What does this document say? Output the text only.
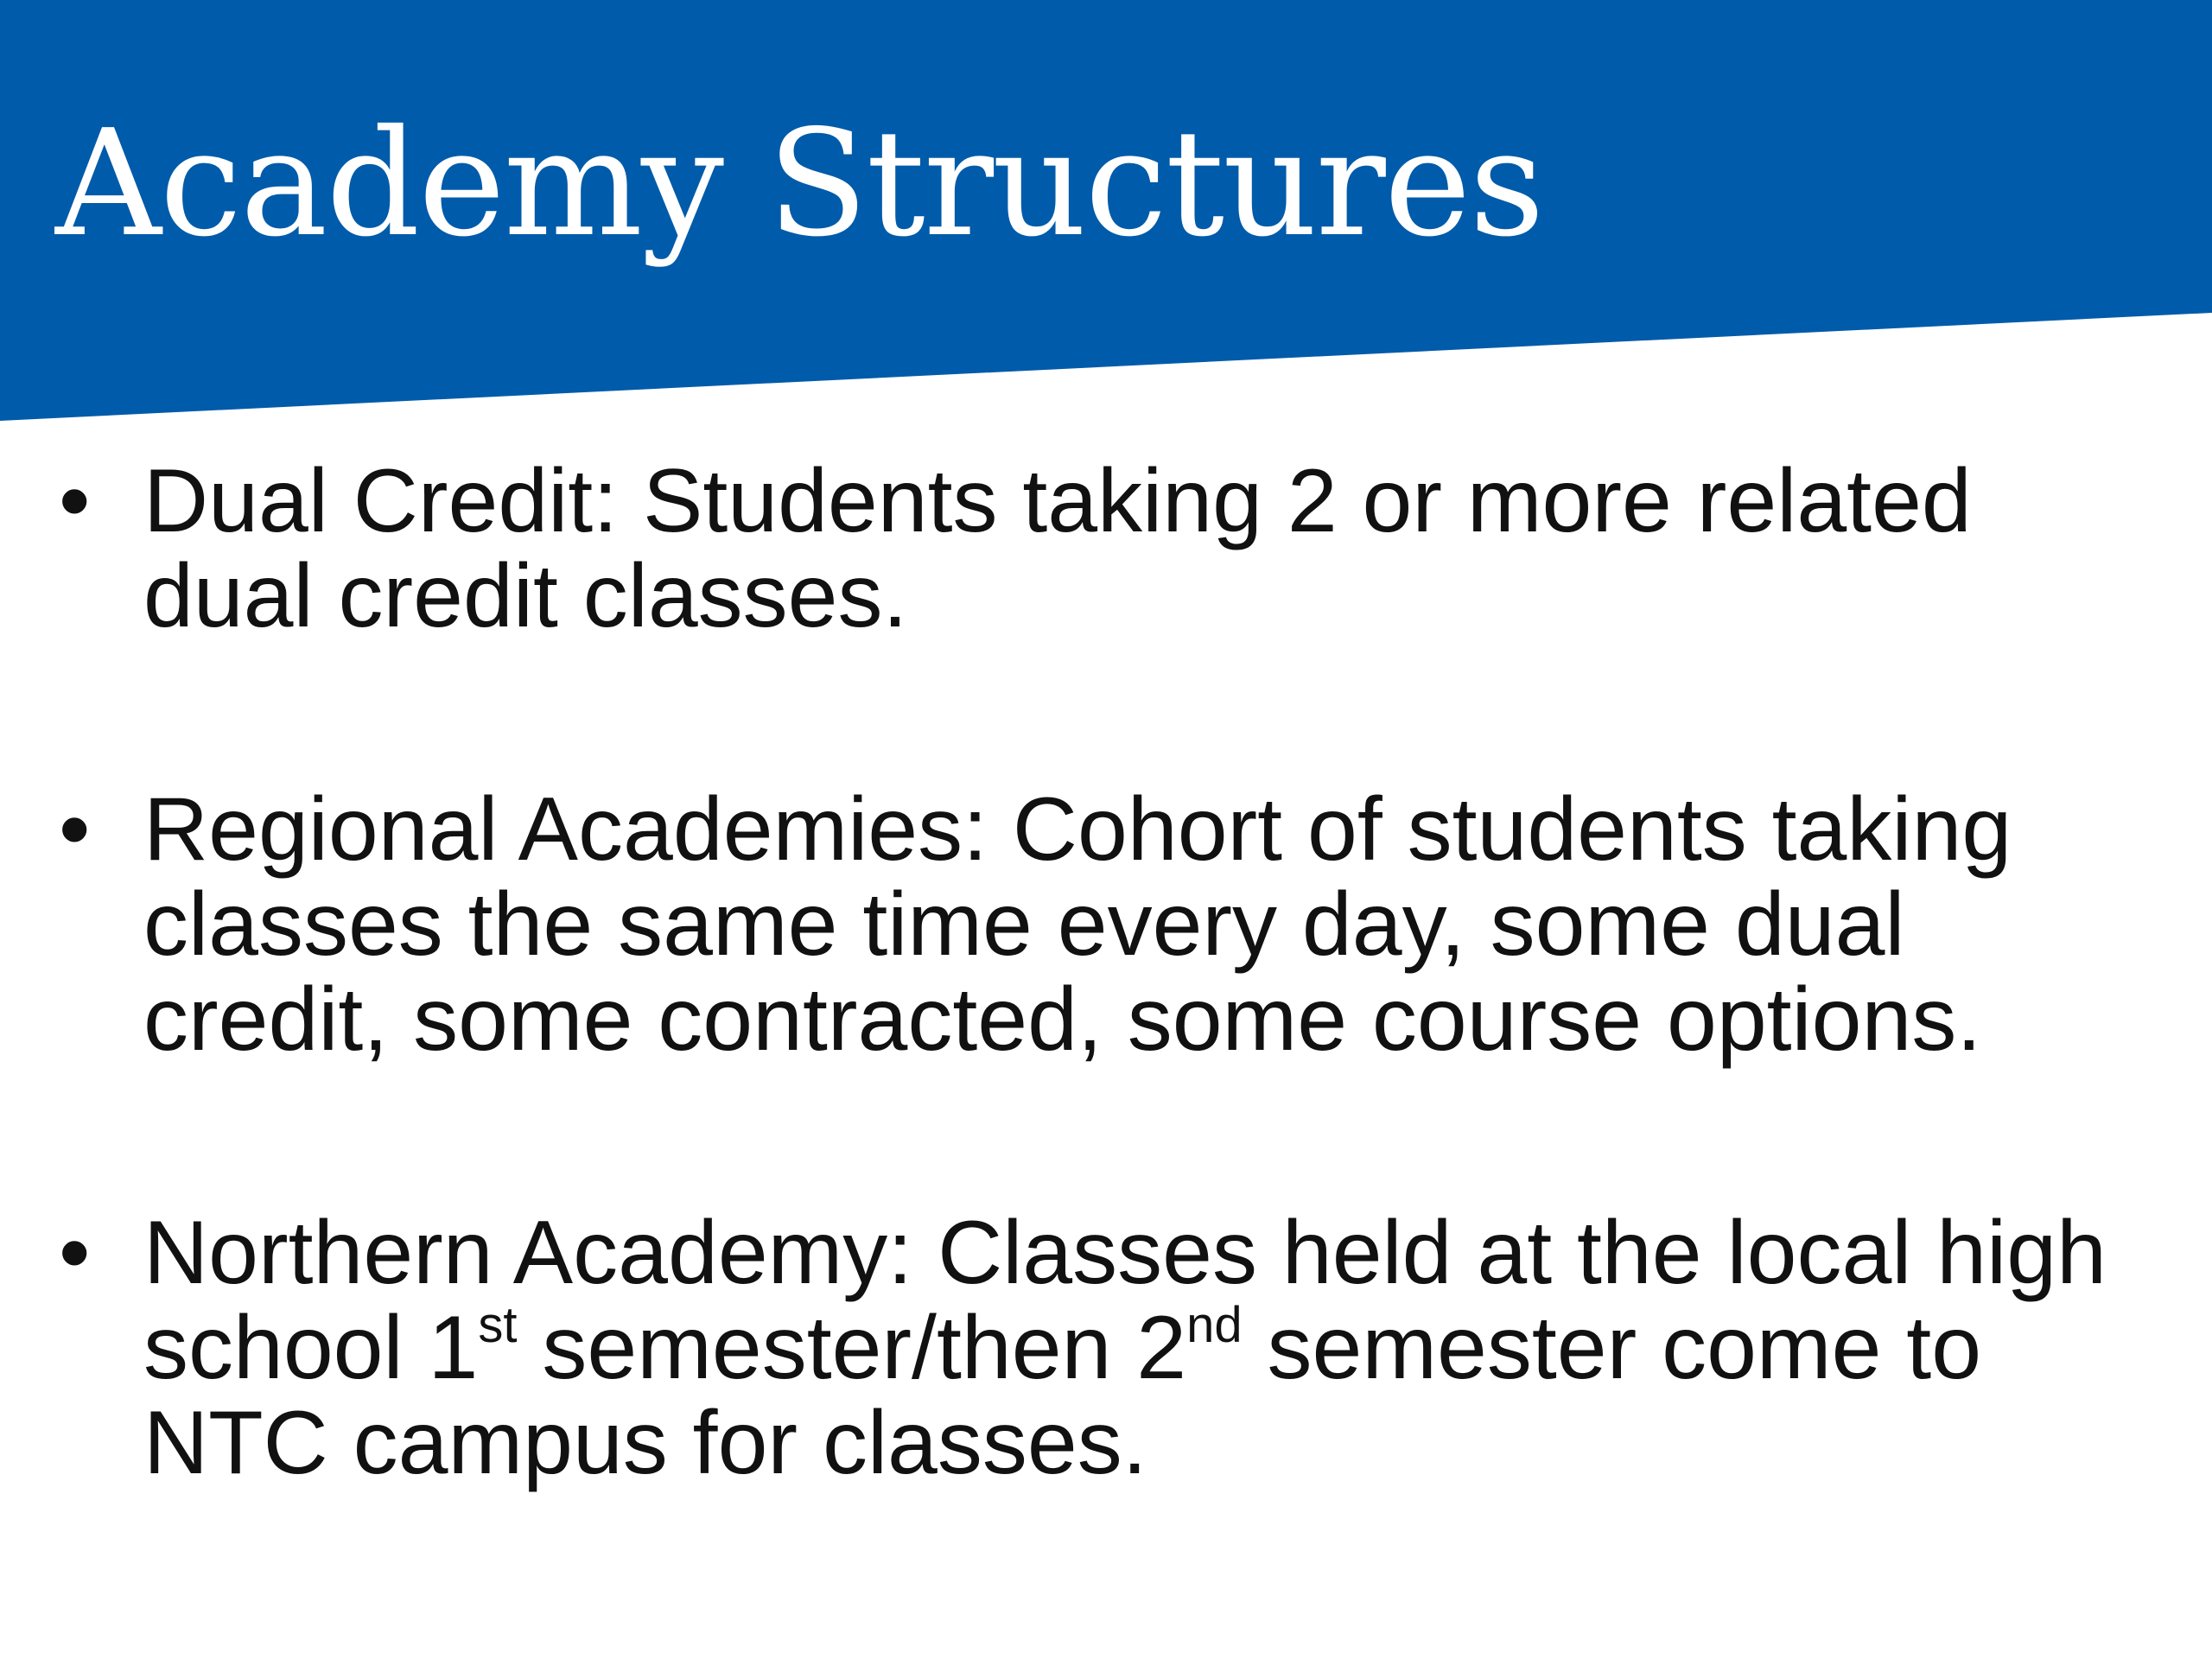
Academy Structures
• Dual Credit: Students taking 2 or more related dual credit classes.
• Regional Academies: Cohort of students taking classes the same time every day, some dual credit, some contracted, some course options.
• Northern Academy: Classes held at the local high school 1st semester/then 2nd semester come to NTC campus for classes.
